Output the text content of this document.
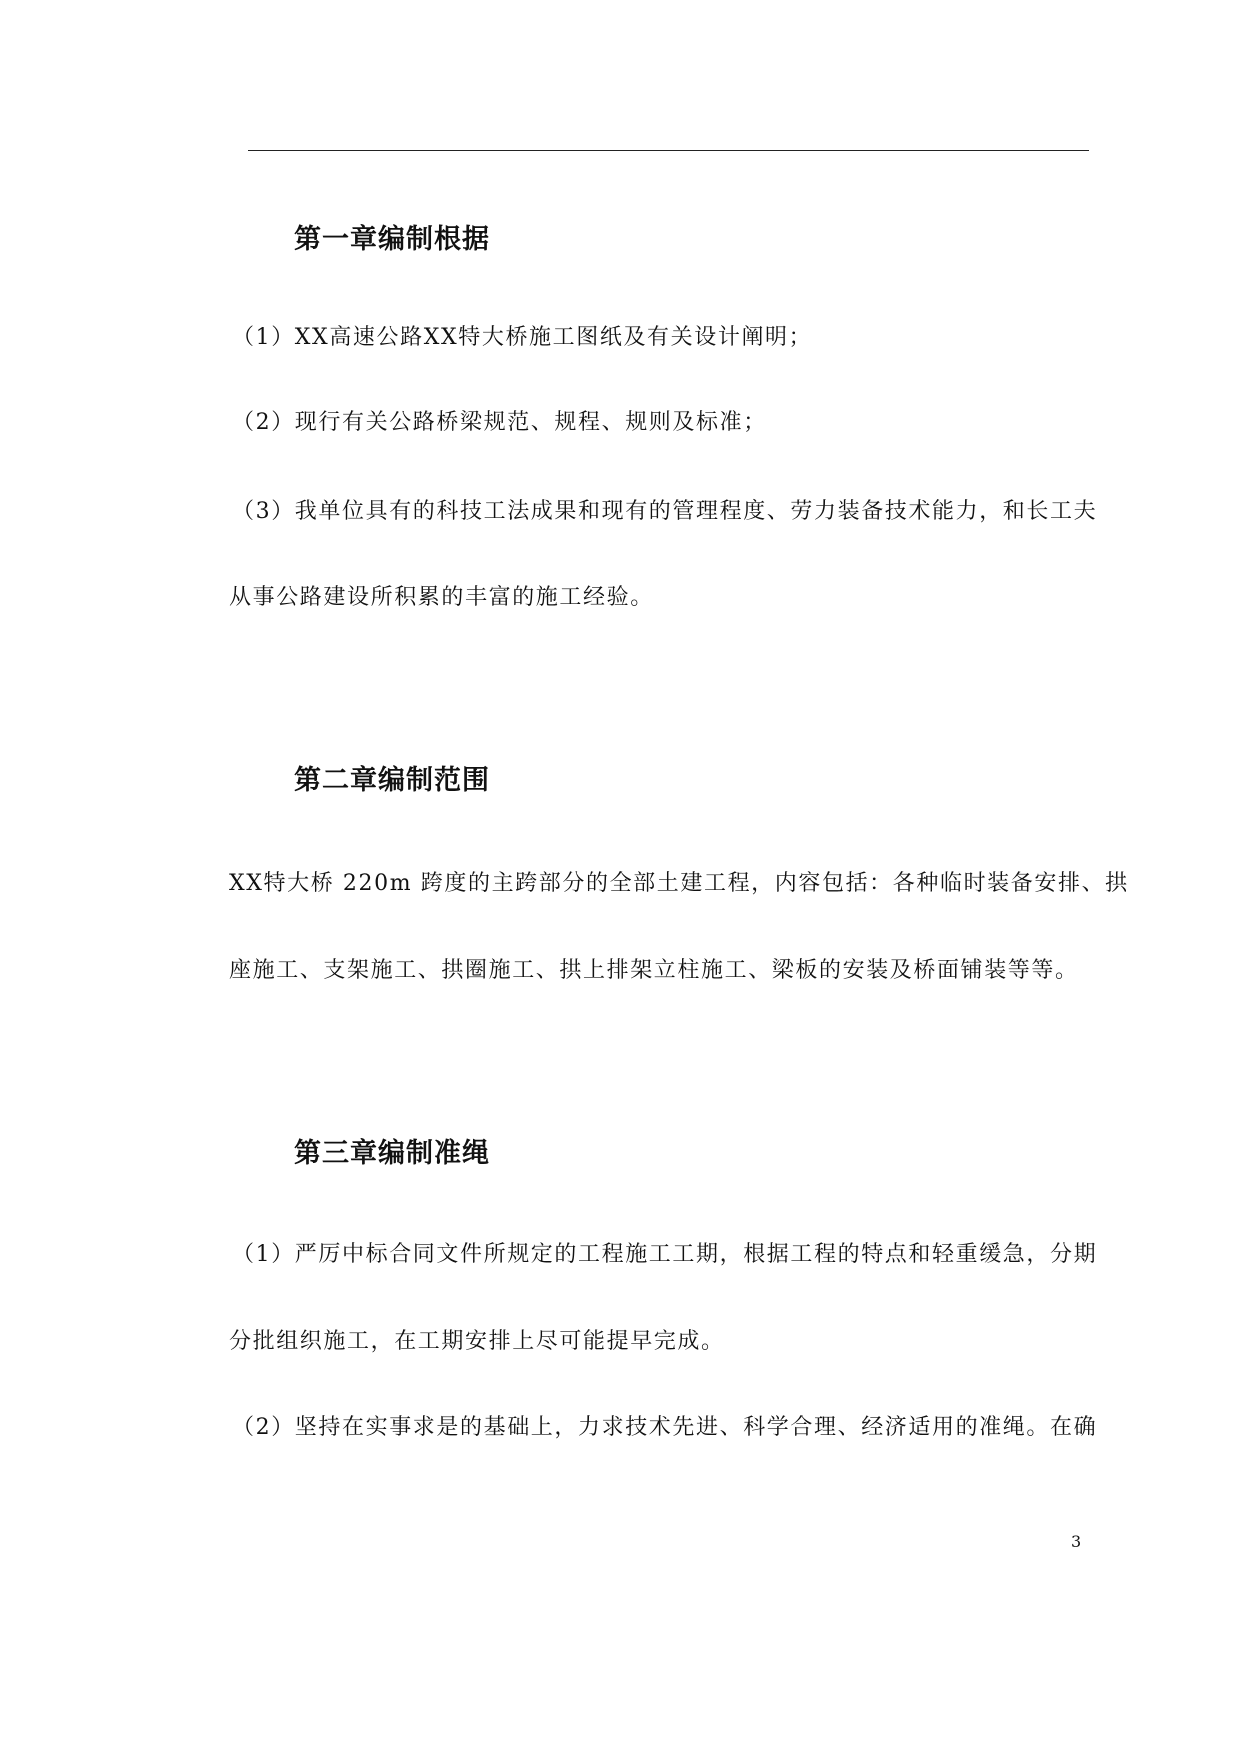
第一章编制根据

（1）XX高速公路XX特大桥施工图纸及有关设计阐明；

（2）现行有关公路桥梁规范、规程、规则及标准；

（3）我单位具有的科技工法成果和现有的管理程度、劳力装备技术能力，和长工夫

从事公路建设所积累的丰富的施工经验。

第二章编制范围

XX特大桥 220m 跨度的主跨部分的全部土建工程，内容包括：各种临时装备安排、拱

座施工、支架施工、拱圈施工、拱上排架立柱施工、梁板的安装及桥面铺装等等。

第三章编制准绳

（1）严厉中标合同文件所规定的工程施工工期，根据工程的特点和轻重缓急，分期

分批组织施工，在工期安排上尽可能提早完成。

（2）坚持在实事求是的基础上，力求技术先进、科学合理、经济适用的准绳。在确

3
